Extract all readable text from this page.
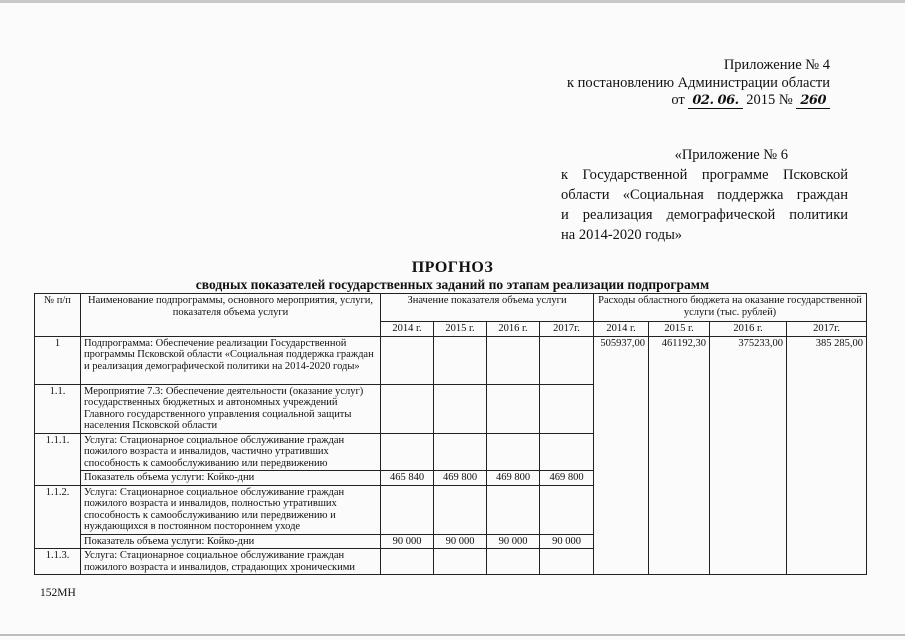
Приложение № 4
к постановлению Администрации области
от 02. 06. 2015 № 260
«Приложение № 6
к Государственной программе Псковской
области «Социальная поддержка граждан
и реализация демографической политики
на 2014-2020 годы»
ПРОГНОЗ
сводных показателей государственных заданий по этапам реализации подпрограмм
№ п/п	Наименование подпрограммы, основного мероприятия, услуги, показателя объема услуги	Значение показателя объема услуги				Расходы областного бюджета на оказание государственной услуги (тыс. рублей)			
		2014 г.	2015 г.	2016 г.	2017г.	2014 г.	2015 г.	2016 г.	2017г.
1	Подпрограмма: Обеспечение реализации Государственной программы Псковской области «Социальная поддержка граждан и реализация демографической политики на 2014-2020 годы»					505937,00	461192,30	375233,00	385 285,00
1.1.	Мероприятие 7.3: Обеспечение деятельности (оказание услуг) государственных бюджетных и автономных учреждений Главного государственного управления социальной защиты населения Псковской области								
1.1.1.	Услуга: Стационарное социальное обслуживание граждан пожилого возраста и инвалидов, частично утративших способность к самообслуживанию или передвижению								
	Показатель объема услуги: Койко-дни	465 840	469 800	469 800	469 800				
1.1.2.	Услуга: Стационарное социальное обслуживание граждан пожилого возраста и инвалидов, полностью утративших способность к самообслуживанию или передвижению и нуждающихся в постоянном постороннем уходе								
	Показатель объема услуги: Койко-дни	90 000	90 000	90 000	90 000				
1.1.3.	Услуга: Стационарное социальное обслуживание граждан пожилого возраста и инвалидов, страдающих хроническими								
152МН
